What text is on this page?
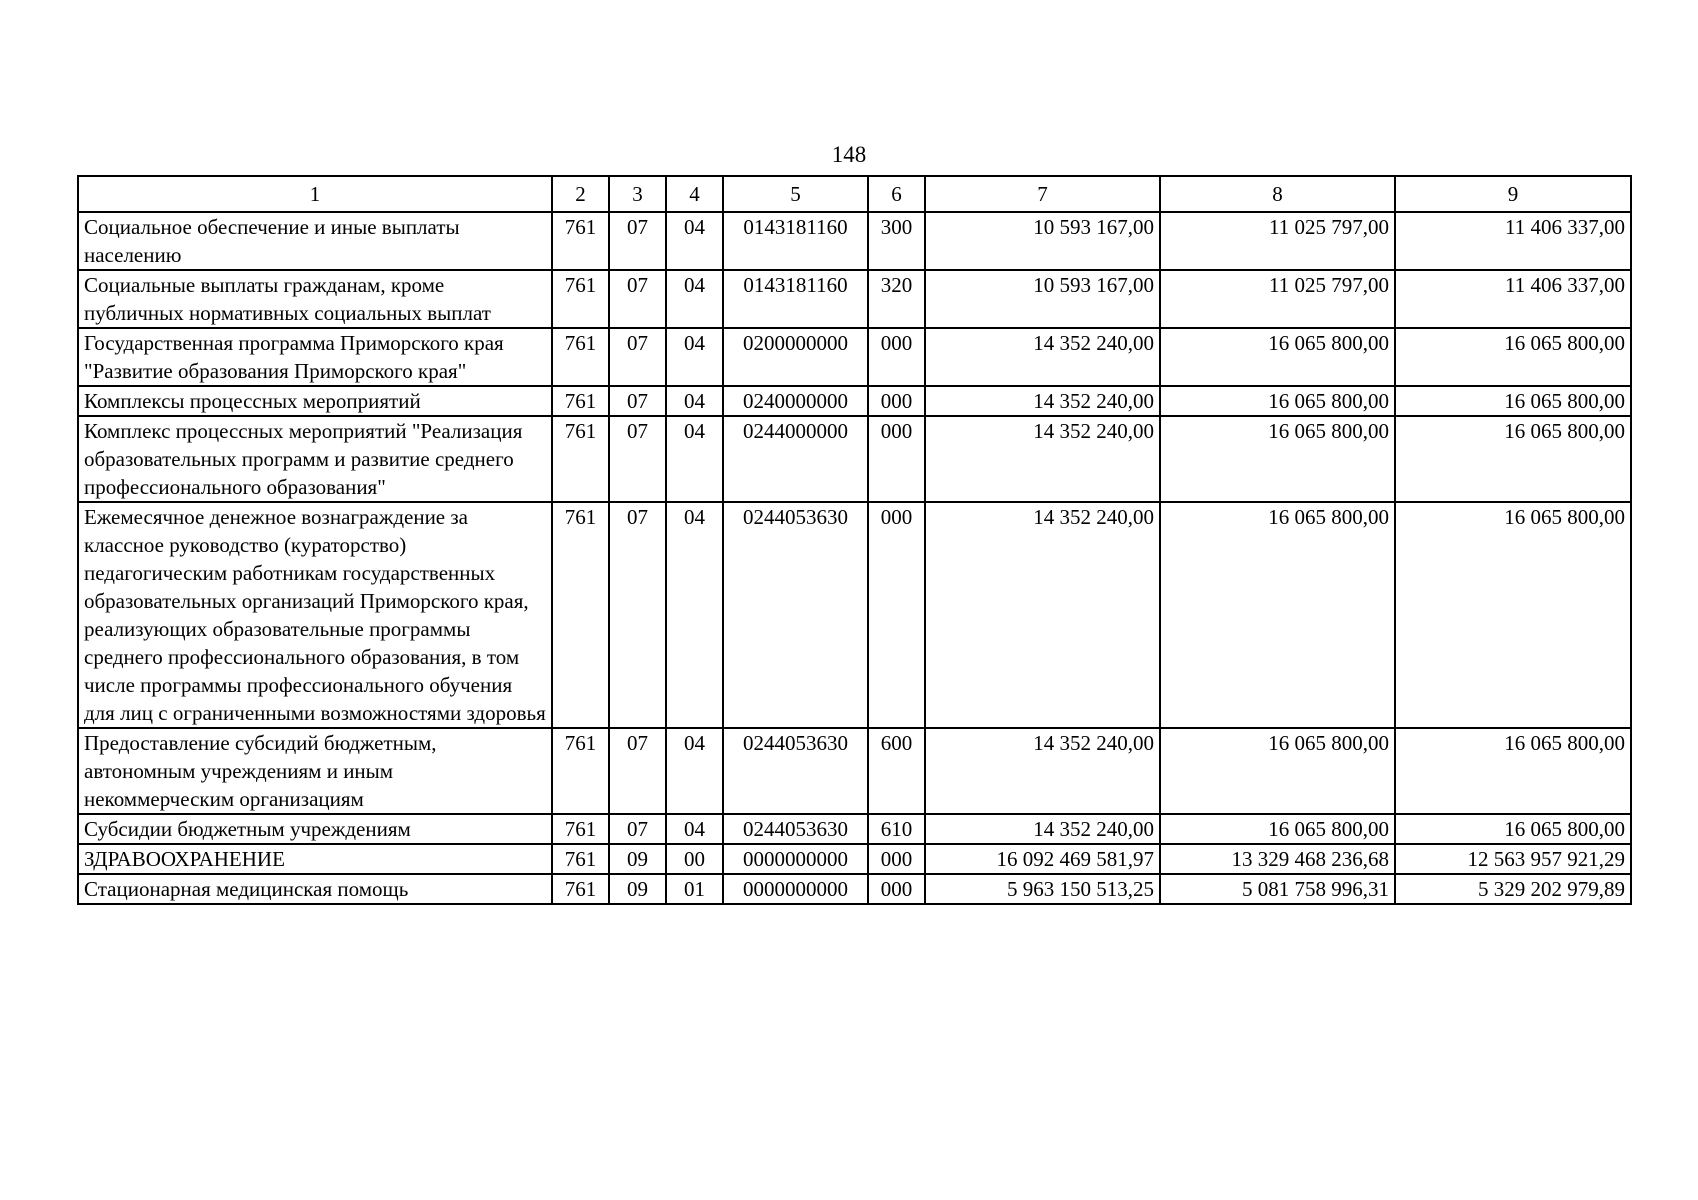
148
1	2	3	4	5	6	7	8	9
Социальное обеспечение и иные выплаты населению	761	07	04	0143181160	300	10 593 167,00	11 025 797,00	11 406 337,00
Социальные выплаты гражданам, кроме публичных нормативных социальных выплат	761	07	04	0143181160	320	10 593 167,00	11 025 797,00	11 406 337,00
Государственная программа Приморского края "Развитие образования Приморского края"	761	07	04	0200000000	000	14 352 240,00	16 065 800,00	16 065 800,00
Комплексы процессных мероприятий	761	07	04	0240000000	000	14 352 240,00	16 065 800,00	16 065 800,00
Комплекс процессных мероприятий "Реализация образовательных программ и развитие среднего профессионального образования"	761	07	04	0244000000	000	14 352 240,00	16 065 800,00	16 065 800,00
Ежемесячное денежное вознаграждение за классное руководство (кураторство) педагогическим работникам государственных образовательных организаций Приморского края, реализующих образовательные программы среднего профессионального образования, в том числе программы профессионального обучения для лиц с ограниченными возможностями здоровья	761	07	04	0244053630	000	14 352 240,00	16 065 800,00	16 065 800,00
Предоставление субсидий бюджетным, автономным учреждениям и иным некоммерческим организациям	761	07	04	0244053630	600	14 352 240,00	16 065 800,00	16 065 800,00
Субсидии бюджетным учреждениям	761	07	04	0244053630	610	14 352 240,00	16 065 800,00	16 065 800,00
ЗДРАВООХРАНЕНИЕ	761	09	00	0000000000	000	16 092 469 581,97	13 329 468 236,68	12 563 957 921,29
Стационарная медицинская помощь	761	09	01	0000000000	000	5 963 150 513,25	5 081 758 996,31	5 329 202 979,89
